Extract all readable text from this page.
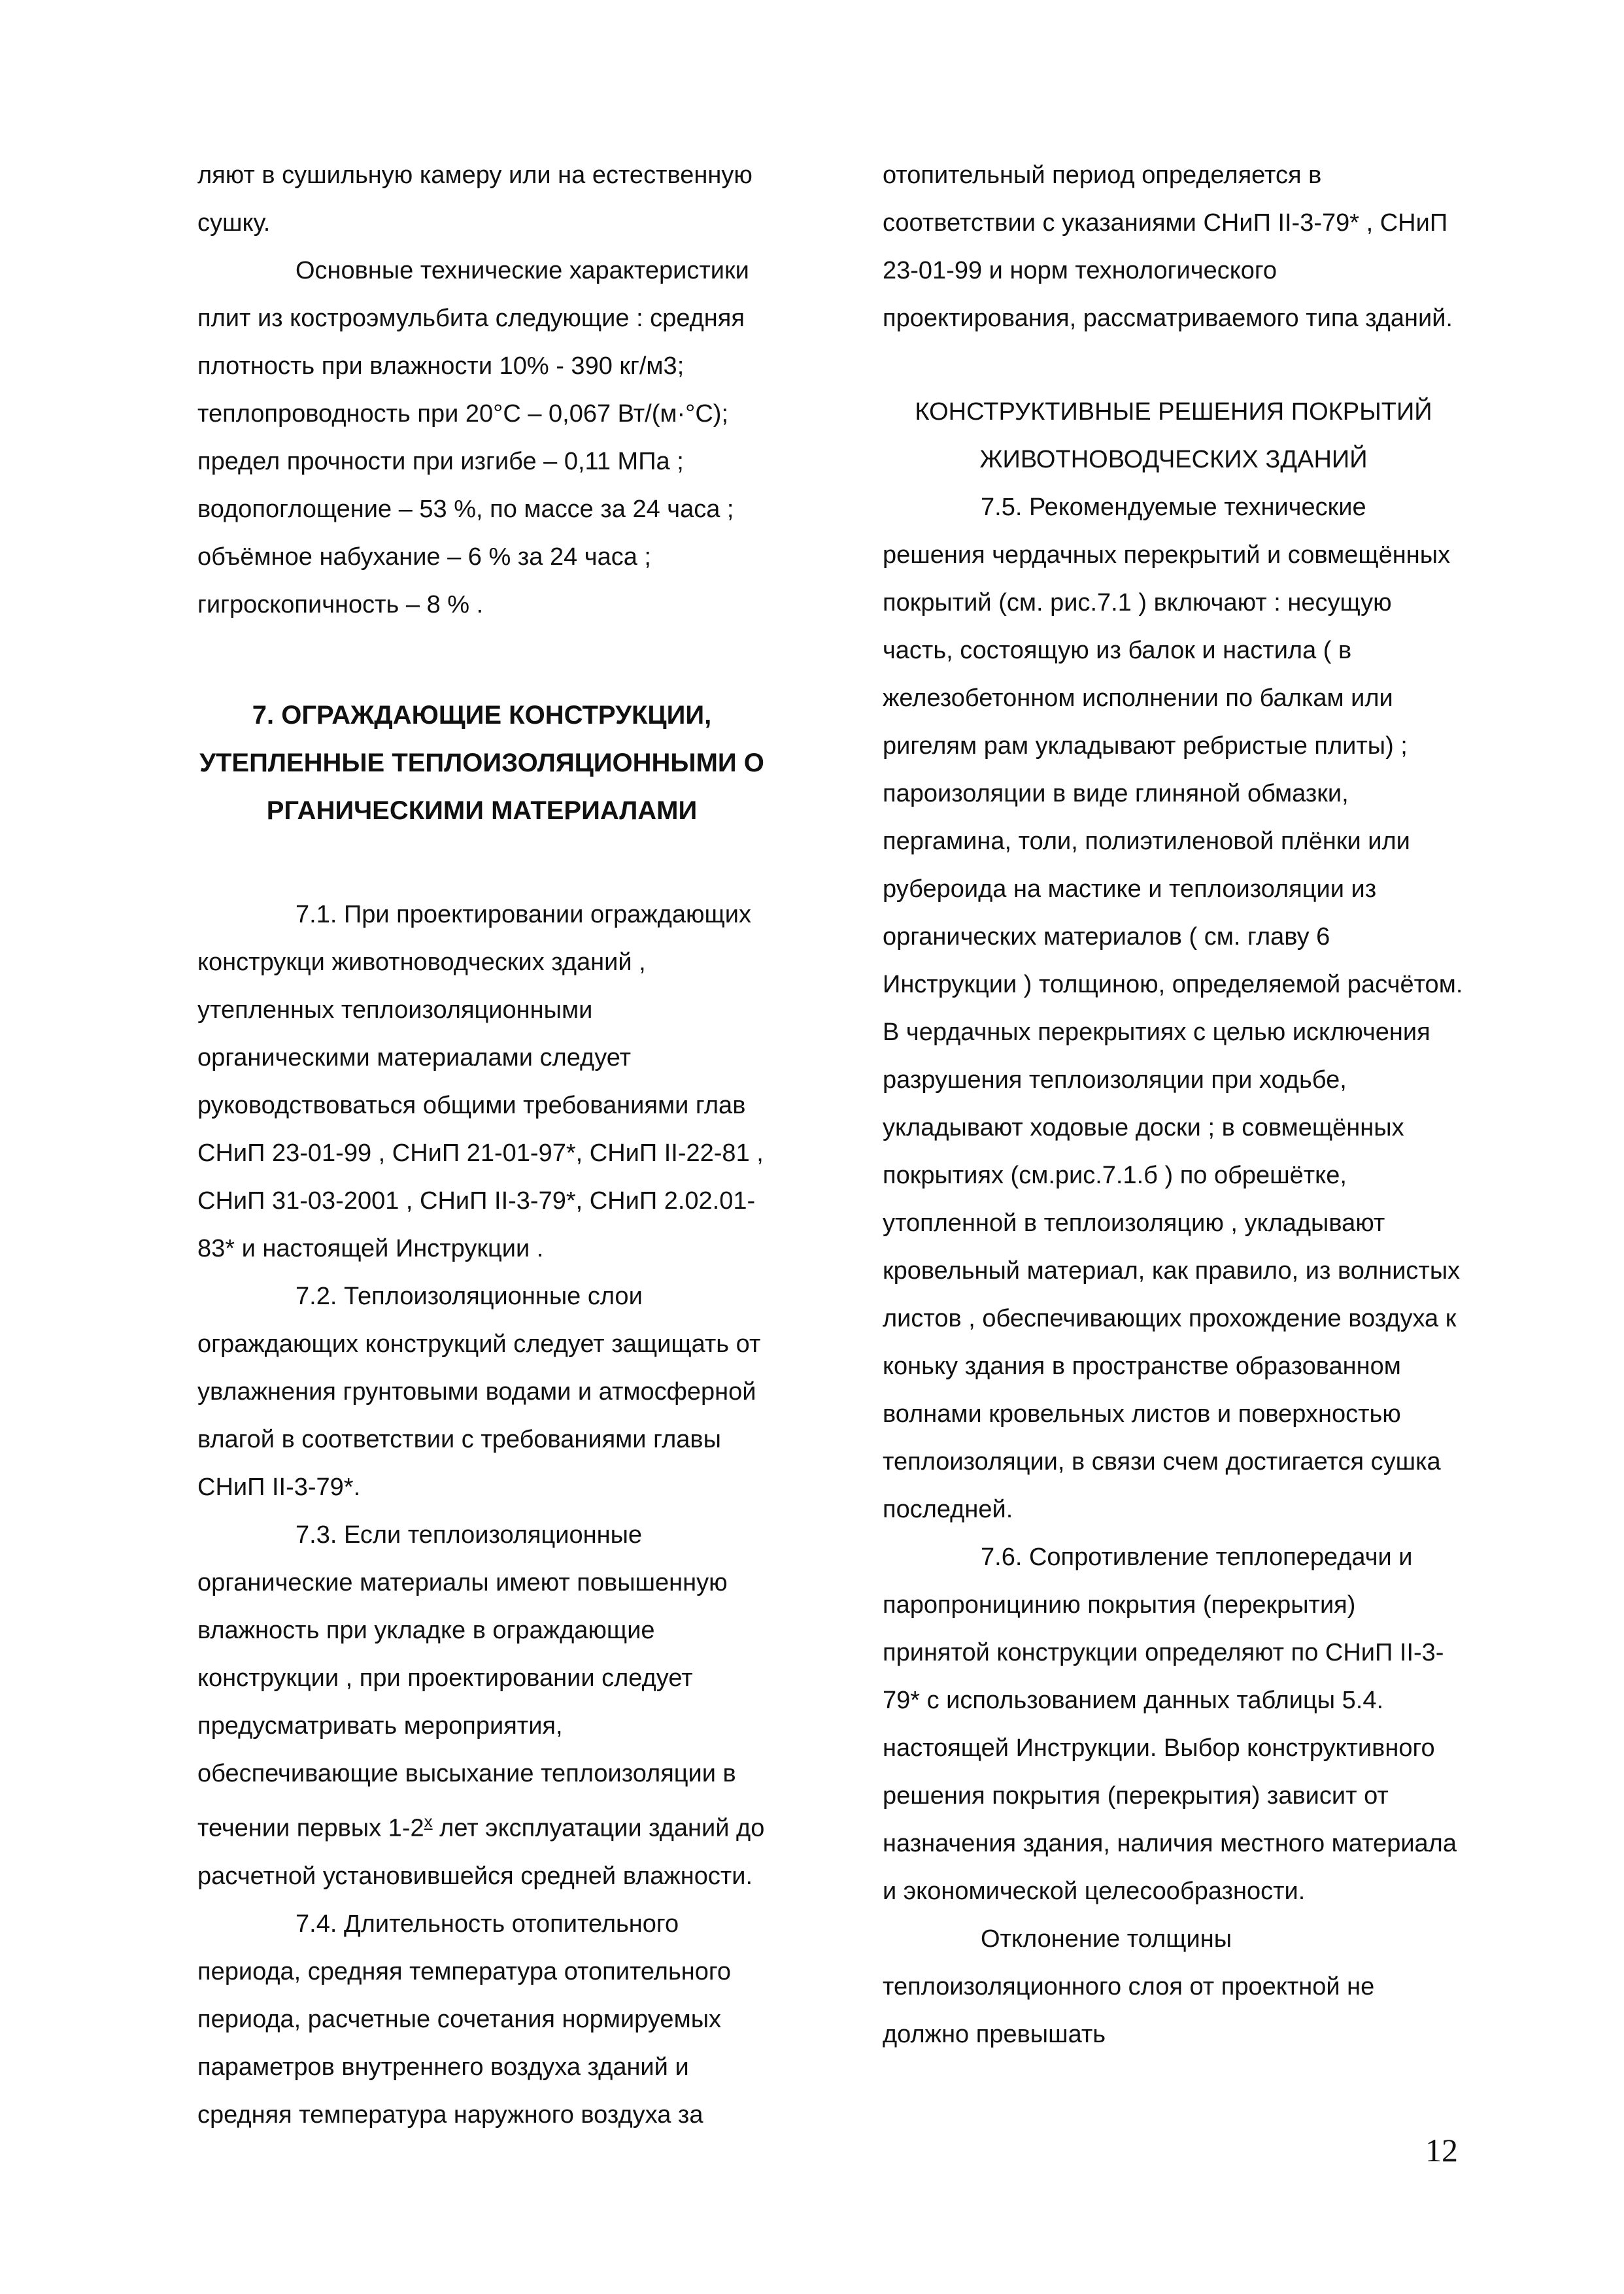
ляют в сушильную камеру или на естественную сушку.

Основные технические характеристики плит из костроэмульбита следующие : средняя плотность при влажности 10% - 390 кг/м3; теплопроводность при 20°С – 0,067 Вт/(м·°С); предел прочности при изгибе – 0,11 МПа ; водопоглощение – 53 %, по массе за 24 часа ; объёмное набухание – 6 % за 24 часа ; гигроскопичность – 8 % .

7. ОГРАЖДАЮЩИЕ КОНСТРУКЦИИ, УТЕПЛЕННЫЕ ТЕПЛОИЗОЛЯЦИОННЫМИ О РГАНИЧЕСКИМИ МАТЕРИАЛАМИ

7.1. При проектировании ограждающих конструкци животноводческих зданий , утепленных теплоизоляционными органическими материалами следует руководствоваться общими требованиями глав СНиП 23-01-99 , СНиП 21-01-97*, СНиП II-22-81 , СНиП 31-03-2001 , СНиП II-3-79*, СНиП 2.02.01-83* и настоящей Инструкции .

7.2. Теплоизоляционные слои ограждающих конструкций следует защищать от увлажнения грунтовыми водами и атмосферной влагой в соответствии с требованиями главы СНиП II-3-79*.

7.3. Если теплоизоляционные органические материалы имеют повышенную влажность при укладке в ограждающие конструкции , при проектировании следует предусматривать мероприятия, обеспечивающие высыхание теплоизоляции в течении первых $1-2^х$ лет эксплуатации зданий до расчетной установившейся средней влажности.

7.4. Длительность отопительного периода, средняя температура отопительного периода, расчетные сочетания нормируемых параметров внутреннего воздуха зданий и средняя температура наружного воздуха за

отопительный период определяется в соответствии с указаниями СНиП II-3-79* , СНиП 23-01-99 и норм технологического проектирования, рассматриваемого типа зданий.

КОНСТРУКТИВНЫЕ РЕШЕНИЯ ПОКРЫТИЙ ЖИВОТНОВОДЧЕСКИХ ЗДАНИЙ

7.5. Рекомендуемые технические решения чердачных перекрытий и совмещённых покрытий (см. рис.7.1 ) включают : несущую часть, состоящую из балок и настила ( в железобетонном исполнении по балкам или ригелям рам укладывают ребристые плиты) ; пароизоляции в виде глиняной обмазки, пергамина, толи, полиэтиленовой плёнки или рубероида на мастике и теплоизоляции из органических материалов ( см. главу 6 Инструкции ) толщиною, определяемой расчётом. В чердачных перекрытиях с целью исключения разрушения теплоизоляции при ходьбе, укладывают ходовые доски ; в совмещённых покрытиях (см.рис.7.1.б ) по обрешётке, утопленной в теплоизоляцию , укладывают кровельный материал, как правило, из волнистых листов , обеспечивающих прохождение воздуха к коньку здания в пространстве образованном волнами кровельных листов и поверхностью теплоизоляции, в связи счем достигается сушка последней.

7.6. Сопротивление теплопередачи и паропроницинию покрытия (перекрытия) принятой конструкции определяют по СНиП II-3-79* с использованием данных таблицы 5.4. настоящей Инструкции. Выбор конструктивного решения покрытия (перекрытия) зависит от назначения здания, наличия местного материала и экономической целесообразности.

Отклонение толщины теплоизоляционного слоя от проектной не должно превышать

12
